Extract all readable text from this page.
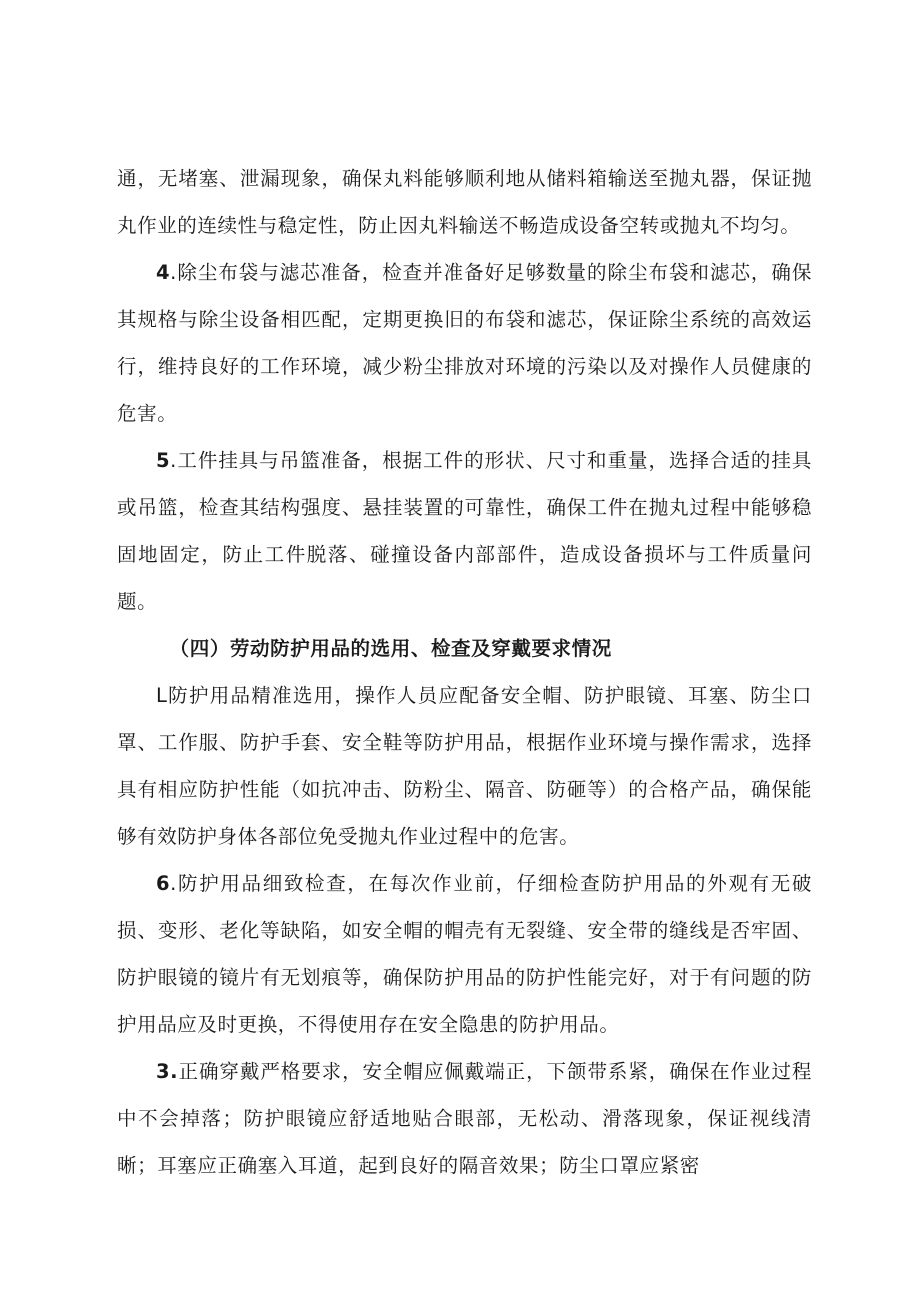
通，无堵塞、泄漏现象，确保丸料能够顺利地从储料箱输送至抛丸器，保证抛丸作业的连续性与稳定性，防止因丸料输送不畅造成设备空转或抛丸不均匀。

4.除尘布袋与滤芯准备，检查并准备好足够数量的除尘布袋和滤芯，确保其规格与除尘设备相匹配，定期更换旧的布袋和滤芯，保证除尘系统的高效运行，维持良好的工作环境，减少粉尘排放对环境的污染以及对操作人员健康的危害。

5.工件挂具与吊篮准备，根据工件的形状、尺寸和重量，选择合适的挂具或吊篮，检查其结构强度、悬挂装置的可靠性，确保工件在抛丸过程中能够稳固地固定，防止工件脱落、碰撞设备内部部件，造成设备损坏与工件质量问题。

（四）劳动防护用品的选用、检查及穿戴要求情况

L防护用品精准选用，操作人员应配备安全帽、防护眼镜、耳塞、防尘口罩、工作服、防护手套、安全鞋等防护用品，根据作业环境与操作需求，选择具有相应防护性能（如抗冲击、防粉尘、隔音、防砸等）的合格产品，确保能够有效防护身体各部位免受抛丸作业过程中的危害。

6.防护用品细致检查，在每次作业前，仔细检查防护用品的外观有无破损、变形、老化等缺陷，如安全帽的帽壳有无裂缝、安全带的缝线是否牢固、防护眼镜的镜片有无划痕等，确保防护用品的防护性能完好，对于有问题的防护用品应及时更换，不得使用存在安全隐患的防护用品。

3.正确穿戴严格要求，安全帽应佩戴端正，下颌带系紧，确保在作业过程中不会掉落；防护眼镜应舒适地贴合眼部，无松动、滑落现象，保证视线清晰；耳塞应正确塞入耳道，起到良好的隔音效果；防尘口罩应紧密
